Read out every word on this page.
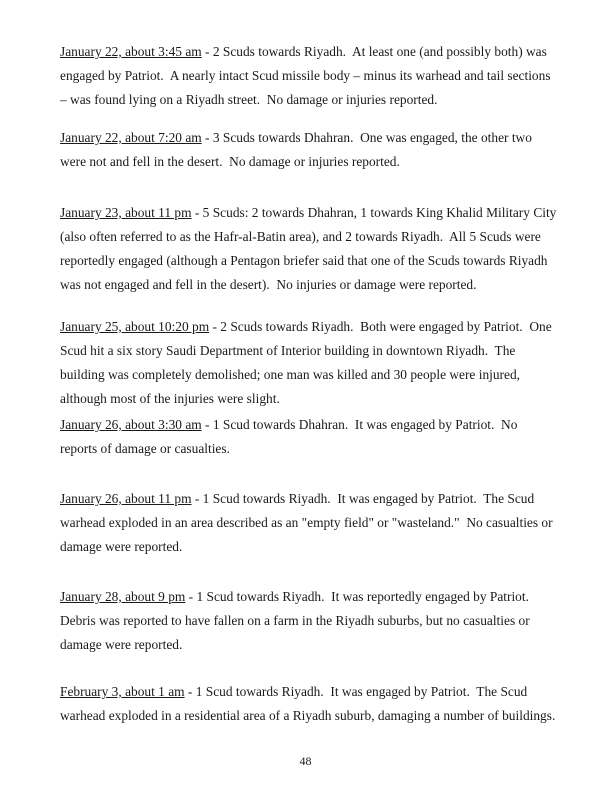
January 22, about 3:45 am - 2 Scuds towards Riyadh.  At least one (and possibly both) was
engaged by Patriot.  A nearly intact Scud missile body – minus its warhead and tail sections
– was found lying on a Riyadh street.  No damage or injuries reported.
January 22, about 7:20 am - 3 Scuds towards Dhahran.  One was engaged, the other two
were not and fell in the desert.  No damage or injuries reported.
January 23, about 11 pm - 5 Scuds: 2 towards Dhahran, 1 towards King Khalid Military City
(also often referred to as the Hafr-al-Batin area), and 2 towards Riyadh.  All 5 Scuds were
reportedly engaged (although a Pentagon briefer said that one of the Scuds towards Riyadh
was not engaged and fell in the desert).  No injuries or damage were reported.
January 25, about 10:20 pm - 2 Scuds towards Riyadh.  Both were engaged by Patriot.  One
Scud hit a six story Saudi Department of Interior building in downtown Riyadh.  The
building was completely demolished; one man was killed and 30 people were injured,
although most of the injuries were slight.
January 26, about 3:30 am - 1 Scud towards Dhahran.  It was engaged by Patriot.  No
reports of damage or casualties.
January 26, about 11 pm - 1 Scud towards Riyadh.  It was engaged by Patriot.  The Scud
warhead exploded in an area described as an "empty field" or "wasteland."  No casualties or
damage were reported.
January 28, about 9 pm - 1 Scud towards Riyadh.  It was reportedly engaged by Patriot.
Debris was reported to have fallen on a farm in the Riyadh suburbs, but no casualties or
damage were reported.
February 3, about 1 am - 1 Scud towards Riyadh.  It was engaged by Patriot.  The Scud
warhead exploded in a residential area of a Riyadh suburb, damaging a number of buildings.
48
